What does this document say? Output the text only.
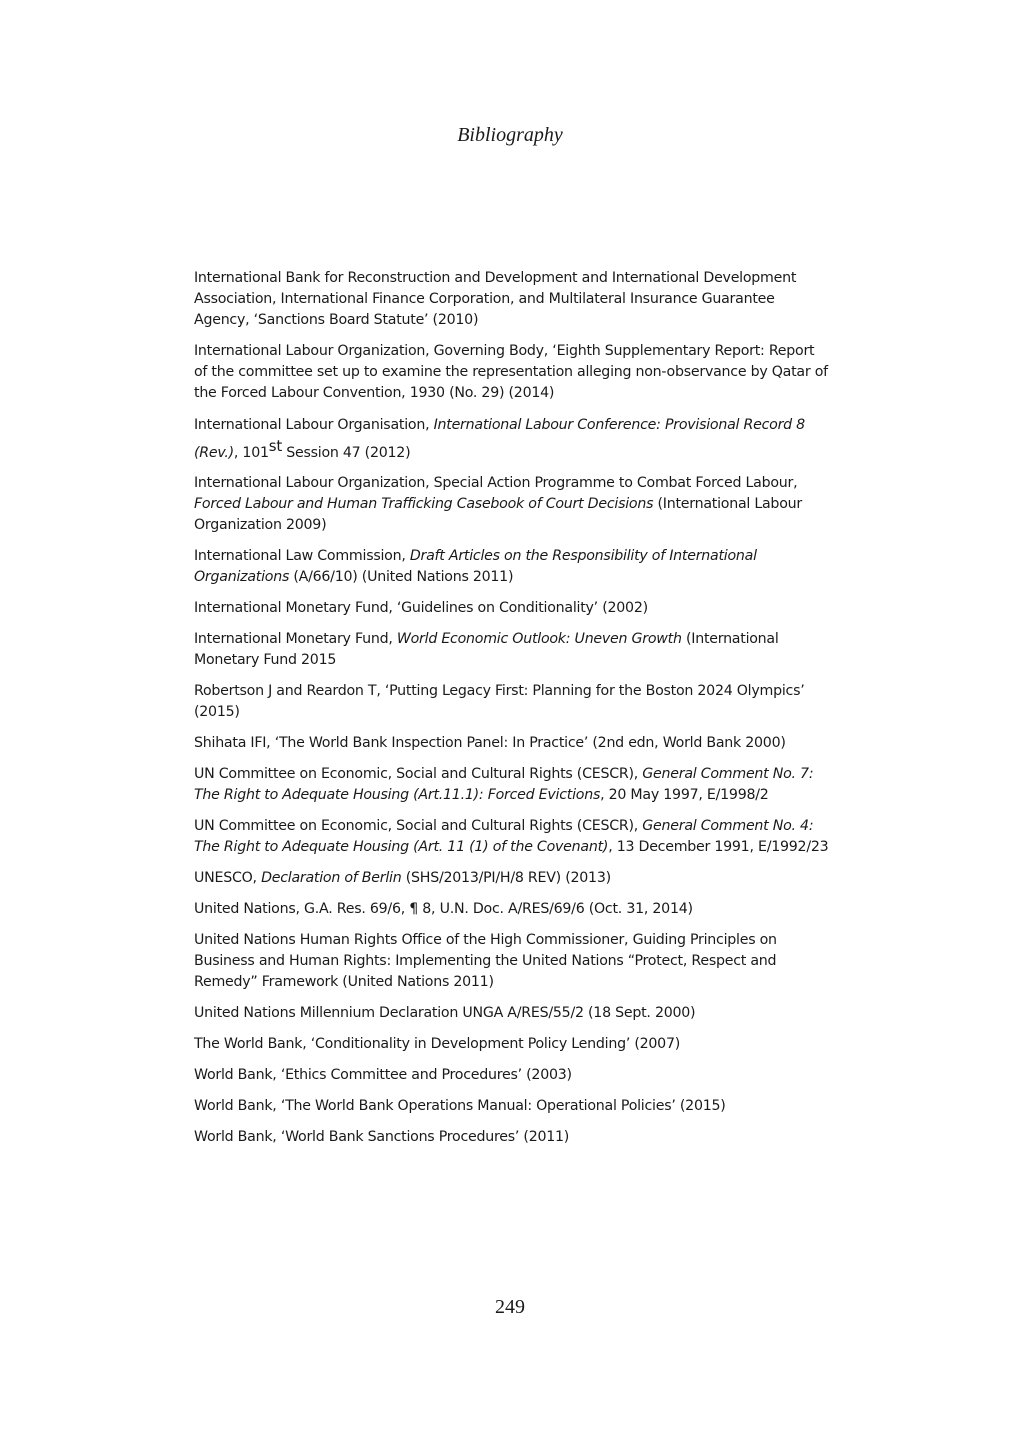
Bibliography

International Bank for Reconstruction and Development and International Development Association, International Finance Corporation, and Multilateral Insurance Guarantee Agency, ‘Sanctions Board Statute’ (2010)

International Labour Organization, Governing Body, ‘Eighth Supplementary Report: Report of the committee set up to examine the representation alleging non-observance by Qatar of the Forced Labour Convention, 1930 (No. 29) (2014)

International Labour Organisation, International Labour Conference: Provisional Record 8 (Rev.), 101st Session 47 (2012)

International Labour Organization, Special Action Programme to Combat Forced Labour, Forced Labour and Human Trafficking Casebook of Court Decisions (International Labour Organization 2009)

International Law Commission, Draft Articles on the Responsibility of International Organizations (A/66/10) (United Nations 2011)

International Monetary Fund, ‘Guidelines on Conditionality’ (2002)

International Monetary Fund, World Economic Outlook: Uneven Growth (International Monetary Fund 2015

Robertson J and Reardon T, ‘Putting Legacy First: Planning for the Boston 2024 Olympics’ (2015)

Shihata IFI, ‘The World Bank Inspection Panel: In Practice’ (2nd edn, World Bank 2000)

UN Committee on Economic, Social and Cultural Rights (CESCR), General Comment No. 7: The Right to Adequate Housing (Art.11.1): Forced Evictions, 20 May 1997, E/1998/2

UN Committee on Economic, Social and Cultural Rights (CESCR), General Comment No. 4: The Right to Adequate Housing (Art. 11 (1) of the Covenant), 13 December 1991, E/1992/23

UNESCO, Declaration of Berlin (SHS/2013/PI/H/8 REV) (2013)

United Nations, G.A. Res. 69/6, ¶ 8, U.N. Doc. A/RES/69/6 (Oct. 31, 2014)

United Nations Human Rights Office of the High Commissioner, Guiding Principles on Business and Human Rights: Implementing the United Nations “Protect, Respect and Remedy” Framework (United Nations 2011)

United Nations Millennium Declaration UNGA A/RES/55/2 (18 Sept. 2000)

The World Bank, ‘Conditionality in Development Policy Lending’ (2007)

World Bank, ‘Ethics Committee and Procedures’ (2003)

World Bank, ‘The World Bank Operations Manual: Operational Policies’ (2015)

World Bank, ‘World Bank Sanctions Procedures’ (2011)

249
